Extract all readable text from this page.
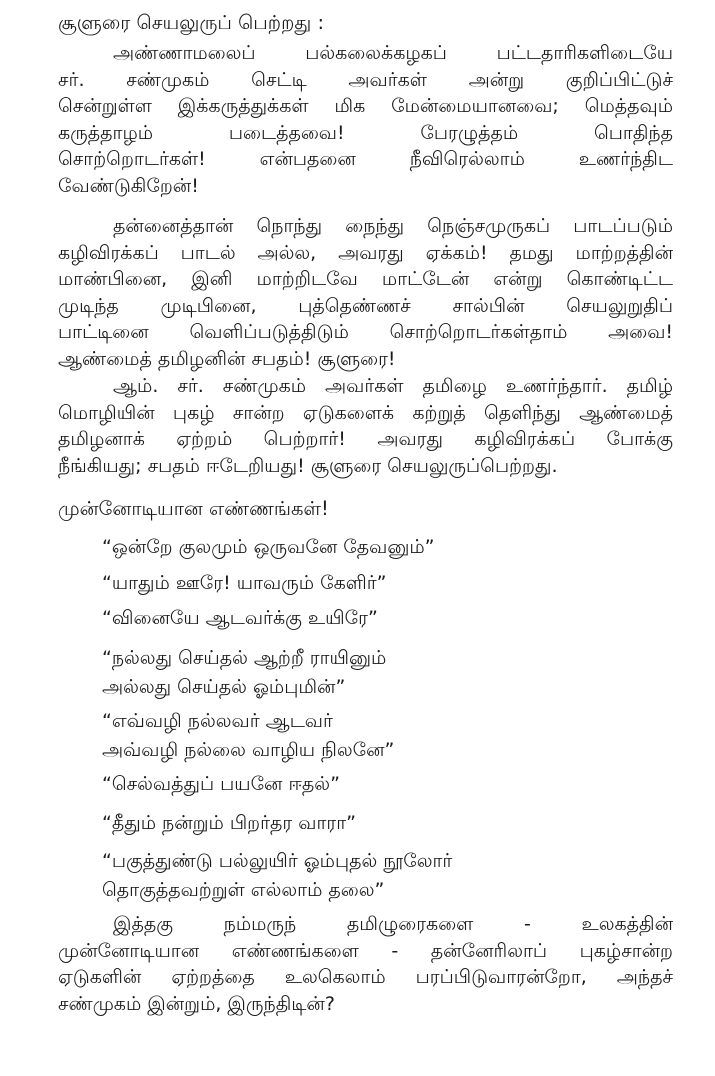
சூளுரை செயலுருப் பெற்றது :
அண்ணாமலைப் பல்கலைக்கழகப் பட்டதாரிகளிடையே
சர். சண்முகம் செட்டி அவர்கள் அன்று குறிப்பிட்டுச்
சென்றுள்ள இக்கருத்துக்கள் மிக மேன்மையானவை; மெத்தவும்
கருத்தாழம் படைத்தவை! பேரழுத்தம் பொதிந்த
சொற்றொடர்கள்! என்பதனை நீவிரெல்லாம் உணர்ந்திட
வேண்டுகிறேன்!
தன்னைத்தான் நொந்து நைந்து நெஞ்சமுருகப் பாடப்படும்
கழிவிரக்கப் பாடல் அல்ல, அவரது ஏக்கம்! தமது மாற்றத்தின்
மாண்பினை, இனி மாற்றிடவே மாட்டேன் என்று கொண்டிட்ட
முடிந்த முடிபினை, புத்தெண்ணச் சால்பின் செயலுறுதிப்
பாட்டினை வெளிப்படுத்திடும் சொற்றொடர்கள்தாம் அவை!
ஆண்மைத் தமிழனின் சபதம்! சூளுரை!
ஆம். சர். சண்முகம் அவர்கள் தமிழை உணர்ந்தார். தமிழ்
மொழியின் புகழ் சான்ற ஏடுகளைக் கற்றுத் தெளிந்து ஆண்மைத்
தமிழனாக் ஏற்றம் பெற்றார்! அவரது கழிவிரக்கப் போக்கு
நீங்கியது; சபதம் ஈடேறியது! சூளுரை செயலுருப்பெற்றது.
முன்னோடியான எண்ணங்கள்!
“ஒன்றே குலமும் ஒருவனே தேவனும்”
“யாதும் ஊரே! யாவரும் கேளிர்”
“வினையே ஆடவர்க்கு உயிரே”
“நல்லது செய்தல் ஆற்றீ ராயினும்
அல்லது செய்தல் ஓம்புமின்”
“எவ்வழி நல்லவர் ஆடவர்
அவ்வழி நல்லை வாழிய நிலனே”
“செல்வத்துப் பயனே ஈதல்”
“தீதும் நன்றும் பிறர்தர வாரா”
“பகுத்துண்டு பல்லுயிர் ஓம்புதல் நூலோர்
தொகுத்தவற்றுள் எல்லாம் தலை”
இத்தகு நம்மருந் தமிழுரைகளை - உலகத்தின்
முன்னோடியான எண்ணங்களை - தன்னேரிலாப் புகழ்சான்ற
ஏடுகளின் ஏற்றத்தை உலகெலாம் பரப்பிடுவாரன்றோ, அந்தச்
சண்முகம் இன்றும், இருந்திடின்?
